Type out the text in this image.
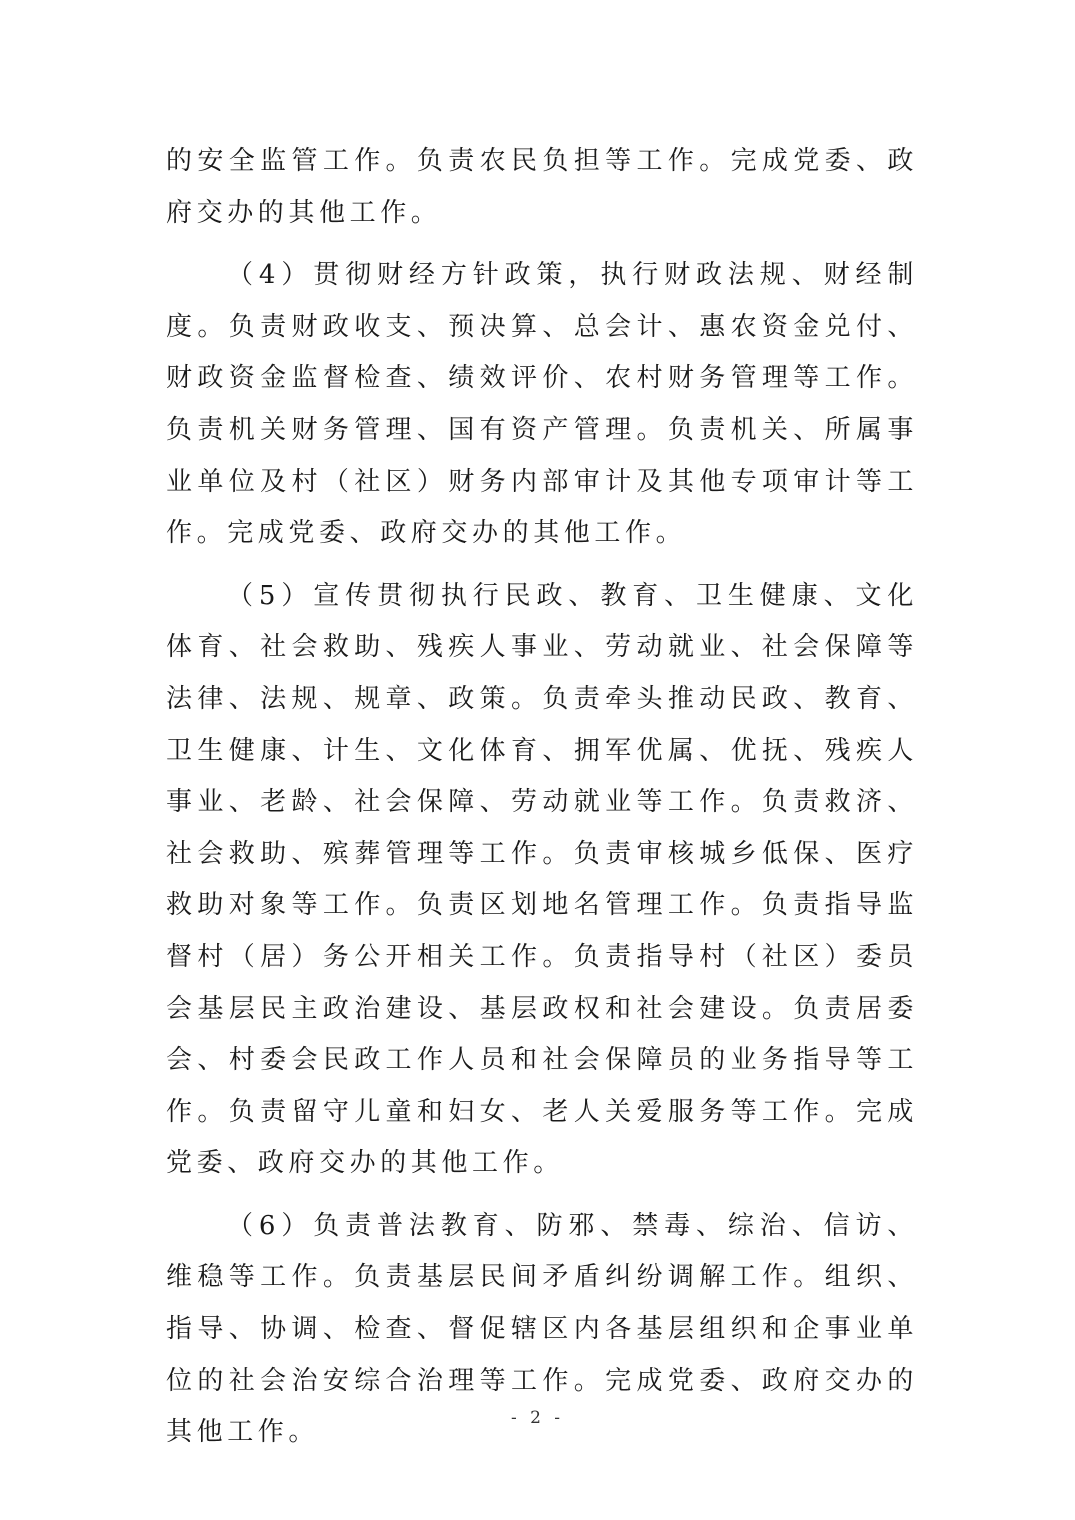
的安全监管工作。负责农民负担等工作。完成党委、政府交办的其他工作。

（4）贯彻财经方针政策，执行财政法规、财经制度。负责财政收支、预决算、总会计、惠农资金兑付、财政资金监督检查、绩效评价、农村财务管理等工作。负责机关财务管理、国有资产管理。负责机关、所属事业单位及村（社区）财务内部审计及其他专项审计等工作。完成党委、政府交办的其他工作。

（5）宣传贯彻执行民政、教育、卫生健康、文化体育、社会救助、残疾人事业、劳动就业、社会保障等法律、法规、规章、政策。负责牵头推动民政、教育、卫生健康、计生、文化体育、拥军优属、优抚、残疾人事业、老龄、社会保障、劳动就业等工作。负责救济、社会救助、殡葬管理等工作。负责审核城乡低保、医疗救助对象等工作。负责区划地名管理工作。负责指导监督村（居）务公开相关工作。负责指导村（社区）委员会基层民主政治建设、基层政权和社会建设。负责居委会、村委会民政工作人员和社会保障员的业务指导等工作。负责留守儿童和妇女、老人关爱服务等工作。完成党委、政府交办的其他工作。

（6）负责普法教育、防邪、禁毒、综治、信访、维稳等工作。负责基层民间矛盾纠纷调解工作。组织、指导、协调、检查、督促辖区内各基层组织和企事业单位的社会治安综合治理等工作。完成党委、政府交办的其他工作。	- 2 -
